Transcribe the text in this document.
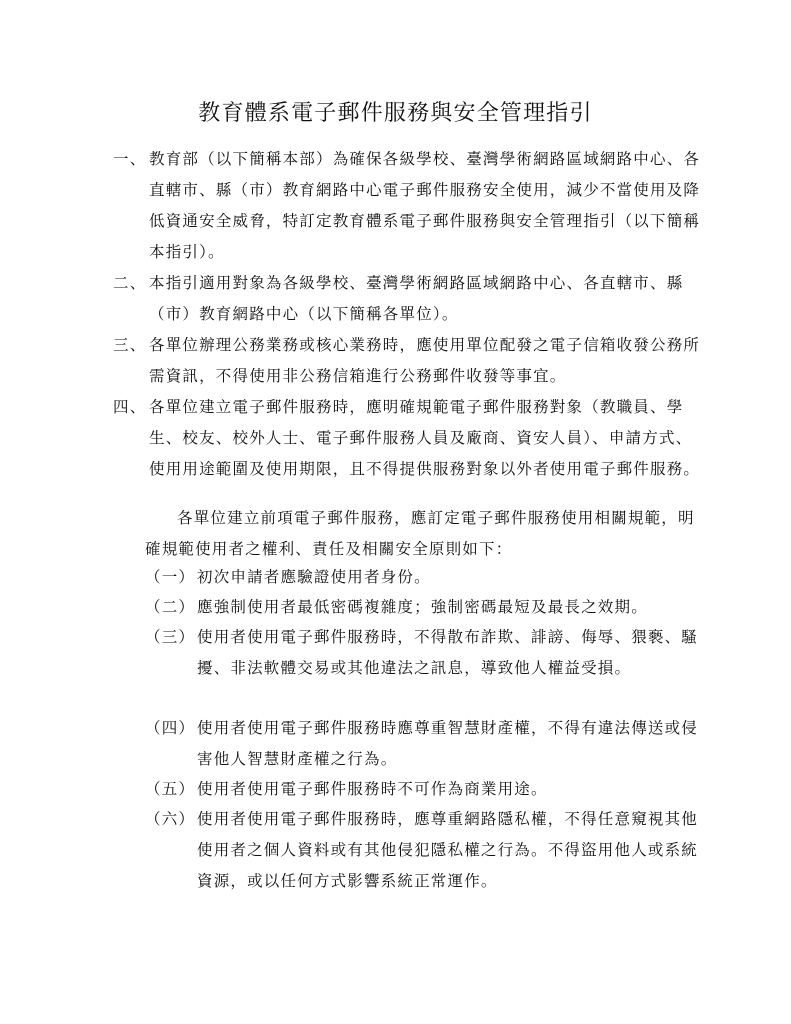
教育體系電子郵件服務與安全管理指引
一、 教育部（以下簡稱本部）為確保各級學校、臺灣學術網路區域網路中心、各直轄市、縣（市）教育網路中心電子郵件服務安全使用，減少不當使用及降低資通安全威脅，特訂定教育體系電子郵件服務與安全管理指引（以下簡稱本指引）。
二、 本指引適用對象為各級學校、臺灣學術網路區域網路中心、各直轄市、縣（市）教育網路中心（以下簡稱各單位）。
三、 各單位辦理公務業務或核心業務時，應使用單位配發之電子信箱收發公務所需資訊，不得使用非公務信箱進行公務郵件收發等事宜。
四、 各單位建立電子郵件服務時，應明確規範電子郵件服務對象（教職員、學生、校友、校外人士、電子郵件服務人員及廠商、資安人員）、申請方式、使用用途範圍及使用期限，且不得提供服務對象以外者使用電子郵件服務。
各單位建立前項電子郵件服務，應訂定電子郵件服務使用相關規範，明確規範使用者之權利、責任及相關安全原則如下：
（一） 初次申請者應驗證使用者身份。
（二） 應強制使用者最低密碼複雜度；強制密碼最短及最長之效期。
（三） 使用者使用電子郵件服務時，不得散布詐欺、誹謗、侮辱、猥褻、騷擾、非法軟體交易或其他違法之訊息，導致他人權益受損。
（四） 使用者使用電子郵件服務時應尊重智慧財產權，不得有違法傳送或侵害他人智慧財產權之行為。
（五） 使用者使用電子郵件服務時不可作為商業用途。
（六） 使用者使用電子郵件服務時，應尊重網路隱私權，不得任意窺視其他使用者之個人資料或有其他侵犯隱私權之行為。不得盜用他人或系統資源，或以任何方式影響系統正常運作。
